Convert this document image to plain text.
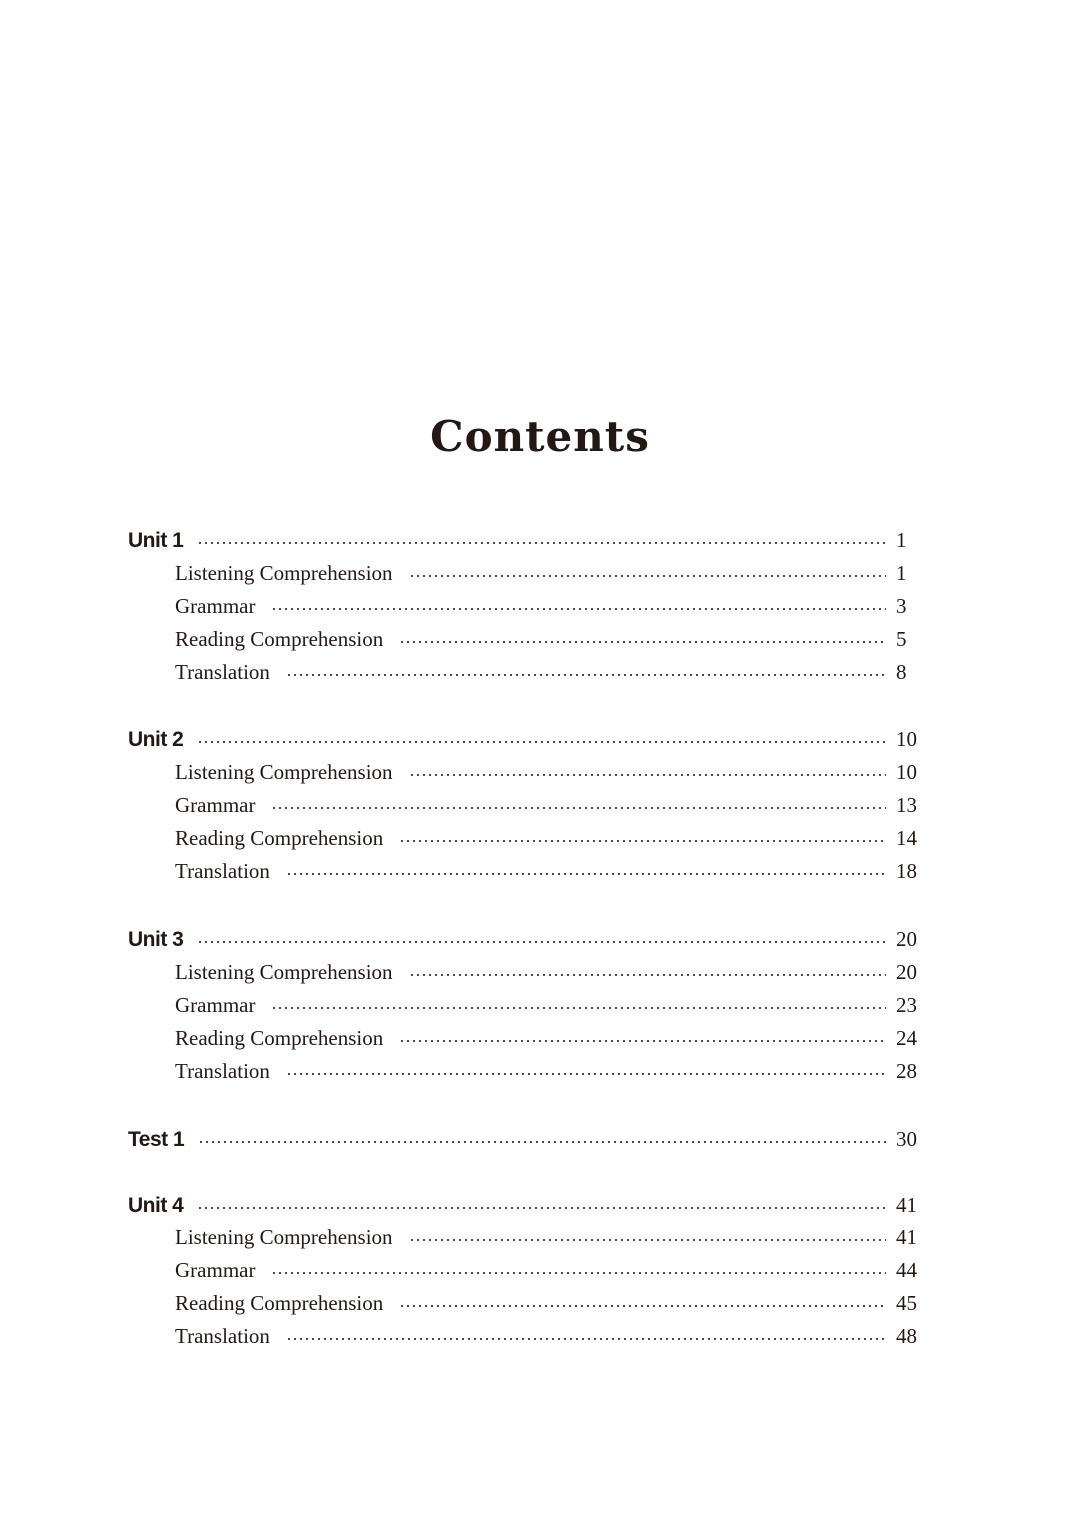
Contents
Unit 1	1
Listening Comprehension	1
Grammar	3
Reading Comprehension	5
Translation	8
Unit 2	10
Listening Comprehension	10
Grammar	13
Reading Comprehension	14
Translation	18
Unit 3	20
Listening Comprehension	20
Grammar	23
Reading Comprehension	24
Translation	28
Test 1	30
Unit 4	41
Listening Comprehension	41
Grammar	44
Reading Comprehension	45
Translation	48
